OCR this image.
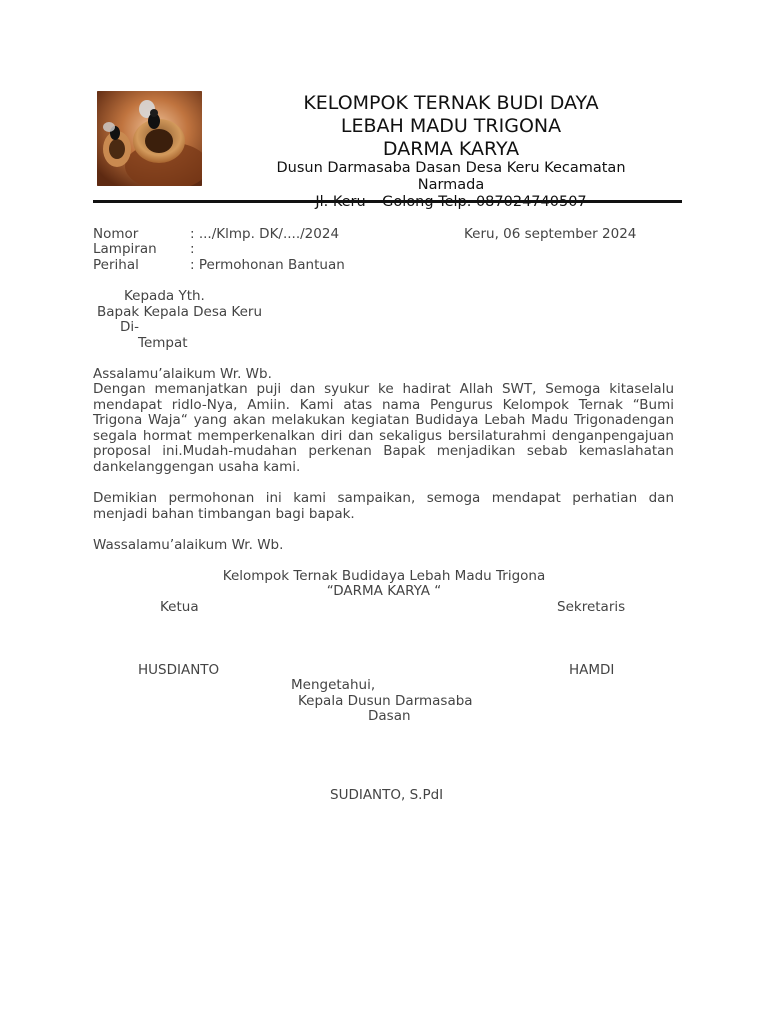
KELOMPOK TERNAK BUDI DAYA
LEBAH MADU TRIGONA
DARMA KARYA
Dusun Darmasaba Dasan Desa Keru Kecamatan
Narmada
Nomor	: .../Klmp. DK/..../2024	Keru, 06 september 2024
Lampiran :
Perihal	: Permohonan Bantuan
Kepada Yth.
Bapak Kepala Desa Keru
Di-
Tempat
Assalamu’alaikum Wr. Wb.
Dengan memanjatkan puji dan syukur ke hadirat Allah SWT, Semoga kitaselalu mendapat ridlo-Nya, Amiin. Kami atas nama Pengurus Kelompok Ternak “Bumi Trigona Waja“ yang akan melakukan kegiatan Budidaya Lebah Madu Trigonadengan segala hormat memperkenalkan diri dan sekaligus bersilaturahmi denganpengajuan proposal ini.Mudah-mudahan perkenan Bapak menjadikan sebab kemaslahatan dankelanggengan usaha kami.
Demikian permohonan ini kami sampaikan, semoga mendapat perhatian dan menjadi bahan timbangan bagi bapak.
Wassalamu’alaikum Wr. Wb.
Kelompok Ternak Budidaya Lebah Madu Trigona
“DARMA KARYA “
Ketua	Sekretaris
HUSDIANTO	HAMDI
Mengetahui,
Kepala Dusun Darmasaba
Dasan
SUDIANTO, S.PdI
